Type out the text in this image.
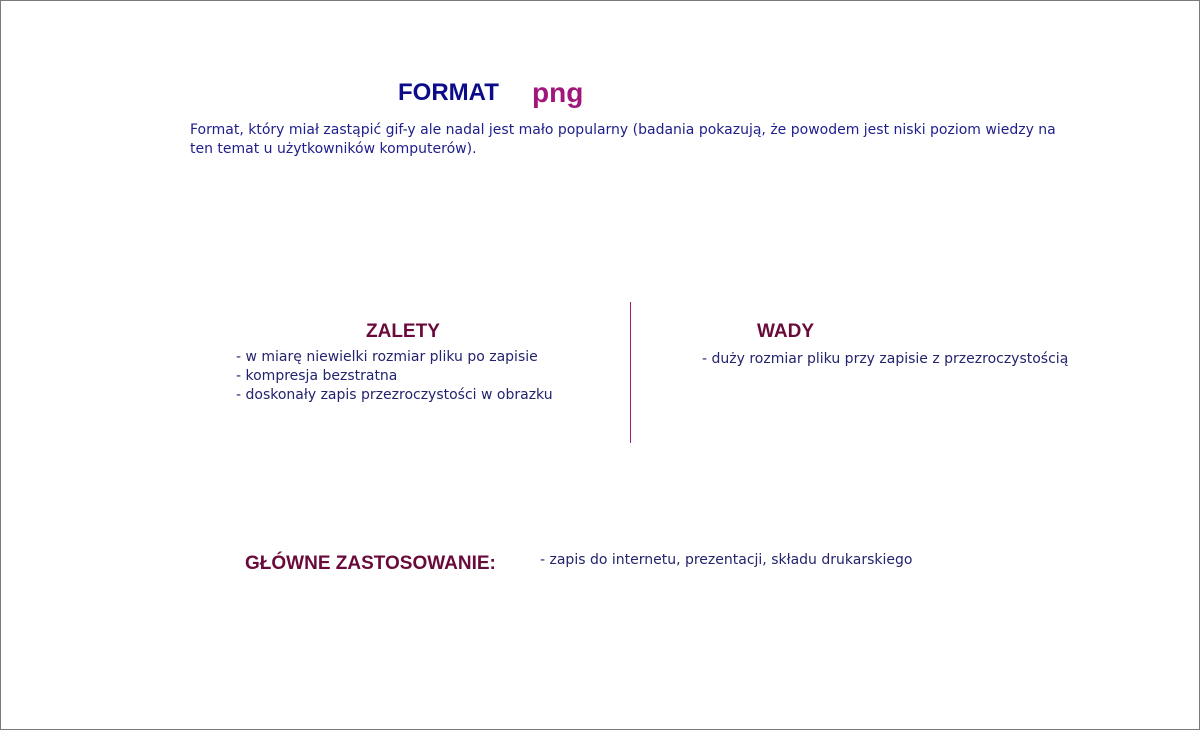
FORMAT png
Format, który miał zastąpić gif-y ale nadal jest mało popularny (badania pokazują, że powodem jest niski poziom wiedzy na ten temat u użytkowników komputerów).
ZALETY
- w miarę niewielki rozmiar pliku po zapisie
- kompresja bezstratna
- doskonały zapis przezroczystości w obrazku
WADY
- duży rozmiar pliku przy zapisie z przezroczystością
GŁÓWNE ZASTOSOWANIE:	- zapis do internetu, prezentacji, składu drukarskiego
